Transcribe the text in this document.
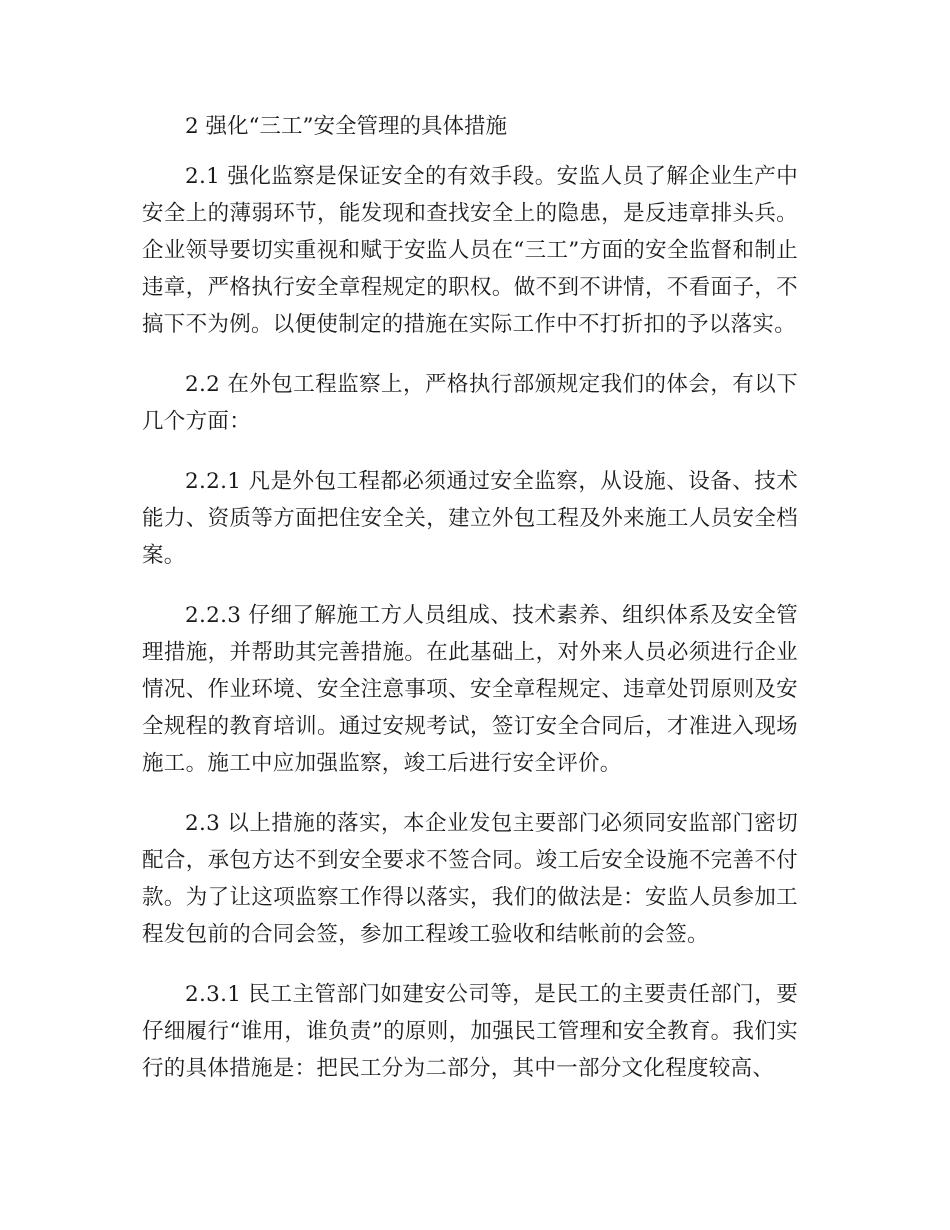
2 强化“三工”安全管理的具体措施

2.1 强化监察是保证安全的有效手段。安监人员了解企业生产中安全上的薄弱环节，能发现和查找安全上的隐患，是反违章排头兵。企业领导要切实重视和赋于安监人员在“三工”方面的安全监督和制止违章，严格执行安全章程规定的职权。做不到不讲情，不看面子，不搞下不为例。以便使制定的措施在实际工作中不打折扣的予以落实。

2.2 在外包工程监察上，严格执行部颁规定我们的体会，有以下几个方面：

2.2.1 凡是外包工程都必须通过安全监察，从设施、设备、技术能力、资质等方面把住安全关，建立外包工程及外来施工人员安全档案。

2.2.3 仔细了解施工方人员组成、技术素养、组织体系及安全管理措施，并帮助其完善措施。在此基础上，对外来人员必须进行企业情况、作业环境、安全注意事项、安全章程规定、违章处罚原则及安全规程的教育培训。通过安规考试，签订安全合同后，才准进入现场施工。施工中应加强监察，竣工后进行安全评价。

2.3 以上措施的落实，本企业发包主要部门必须同安监部门密切配合，承包方达不到安全要求不签合同。竣工后安全设施不完善不付款。为了让这项监察工作得以落实，我们的做法是：安监人员参加工程发包前的合同会签，参加工程竣工验收和结帐前的会签。

2.3.1 民工主管部门如建安公司等，是民工的主要责任部门，要仔细履行“谁用，谁负责”的原则，加强民工管理和安全教育。我们实行的具体措施是：把民工分为二部分，其中一部分文化程度较高、
